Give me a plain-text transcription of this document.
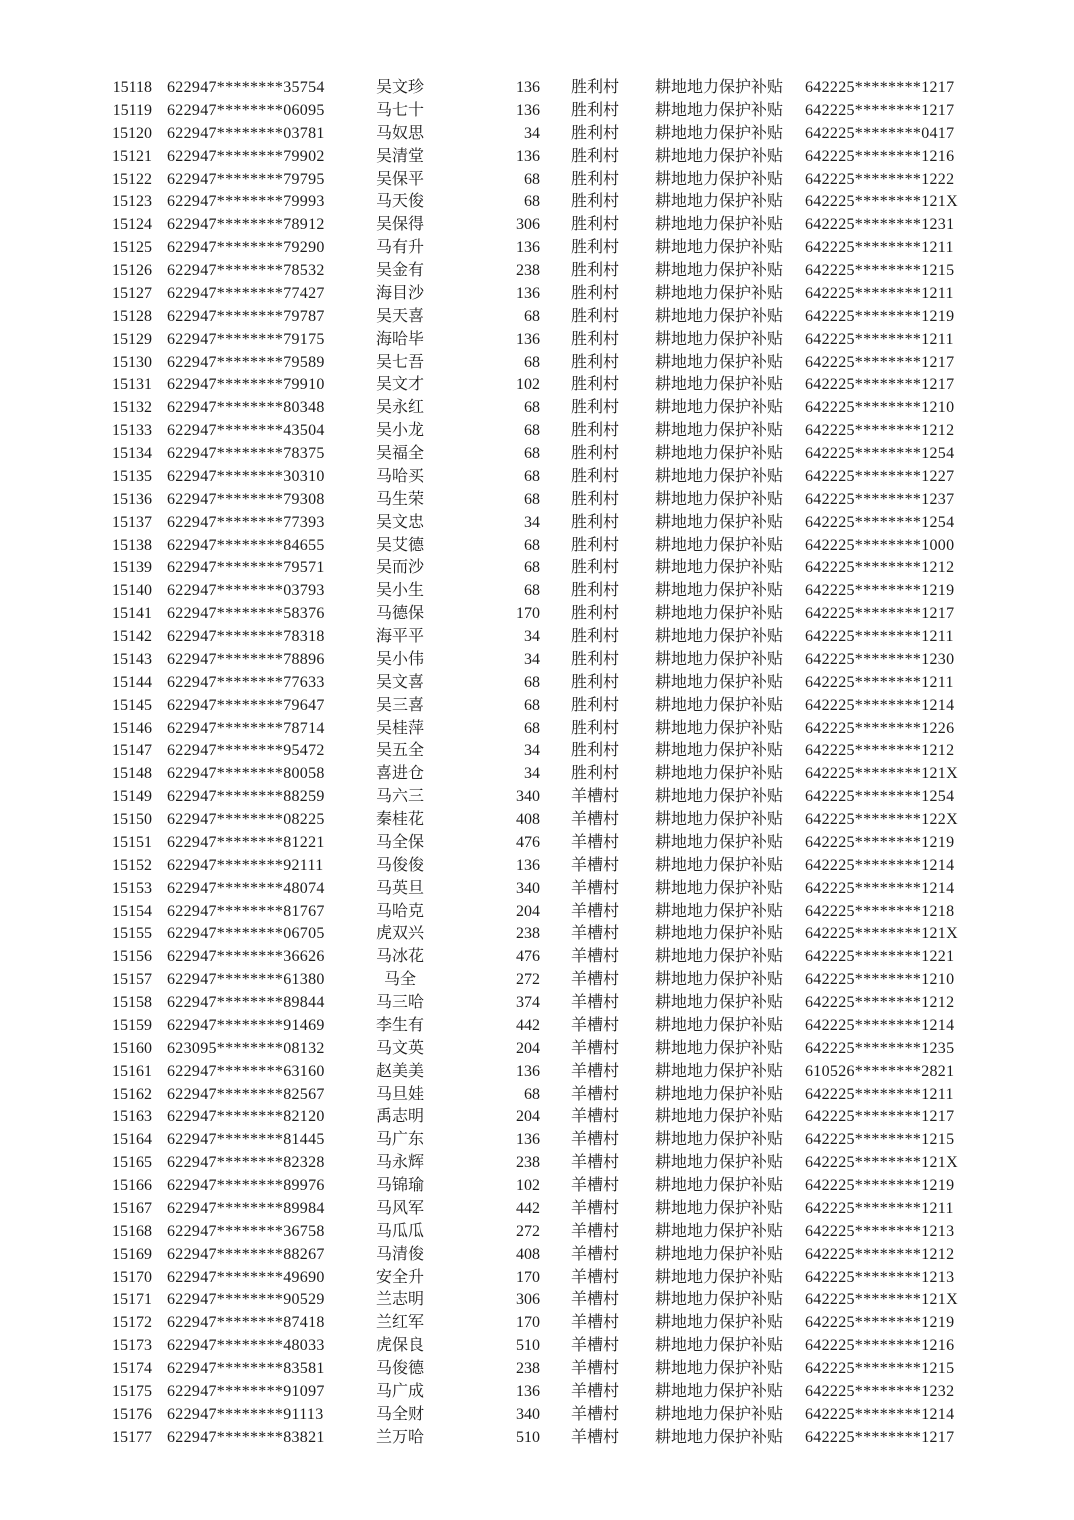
15118 622947********35754	吴文珍	136	胜利村	耕地地力保护补贴	642225********1217
15119 622947********06095	马七十	136	胜利村	耕地地力保护补贴	642225********1217
15120 622947********03781	马奴思	34	胜利村	耕地地力保护补贴	642225********0417
15121 622947********79902	吴清堂	136	胜利村	耕地地力保护补贴	642225********1216
15122 622947********79795	吴保平	68	胜利村	耕地地力保护补贴	642225********1222
15123 622947********79993	马天俊	68	胜利村	耕地地力保护补贴	642225********121X
15124 622947********78912	吴保得	306	胜利村	耕地地力保护补贴	642225********1231
15125 622947********79290	马有升	136	胜利村	耕地地力保护补贴	642225********1211
15126 622947********78532	吴金有	238	胜利村	耕地地力保护补贴	642225********1215
15127 622947********77427	海目沙	136	胜利村	耕地地力保护补贴	642225********1211
15128 622947********79787	吴天喜	68	胜利村	耕地地力保护补贴	642225********1219
15129 622947********79175	海哈毕	136	胜利村	耕地地力保护补贴	642225********1211
15130 622947********79589	吴七吾	68	胜利村	耕地地力保护补贴	642225********1217
15131 622947********79910	吴文才	102	胜利村	耕地地力保护补贴	642225********1217
15132 622947********80348	吴永红	68	胜利村	耕地地力保护补贴	642225********1210
15133 622947********43504	吴小龙	68	胜利村	耕地地力保护补贴	642225********1212
15134 622947********78375	吴福全	68	胜利村	耕地地力保护补贴	642225********1254
15135 622947********30310	马哈买	68	胜利村	耕地地力保护补贴	642225********1227
15136 622947********79308	马生荣	68	胜利村	耕地地力保护补贴	642225********1237
15137 622947********77393	吴文忠	34	胜利村	耕地地力保护补贴	642225********1254
15138 622947********84655	吴艾德	68	胜利村	耕地地力保护补贴	642225********1000
15139 622947********79571	吴而沙	68	胜利村	耕地地力保护补贴	642225********1212
15140 622947********03793	吴小生	68	胜利村	耕地地力保护补贴	642225********1219
15141 622947********58376	马德保	170	胜利村	耕地地力保护补贴	642225********1217
15142 622947********78318	海平平	34	胜利村	耕地地力保护补贴	642225********1211
15143 622947********78896	吴小伟	34	胜利村	耕地地力保护补贴	642225********1230
15144 622947********77633	吴文喜	68	胜利村	耕地地力保护补贴	642225********1211
15145 622947********79647	吴三喜	68	胜利村	耕地地力保护补贴	642225********1214
15146 622947********78714	吴桂萍	68	胜利村	耕地地力保护补贴	642225********1226
15147 622947********95472	吴五全	34	胜利村	耕地地力保护补贴	642225********1212
15148 622947********80058	喜进仓	34	胜利村	耕地地力保护补贴	642225********121X
15149 622947********88259	马六三	340	羊槽村	耕地地力保护补贴	642225********1254
15150 622947********08225	秦桂花	408	羊槽村	耕地地力保护补贴	642225********122X
15151 622947********81221	马全保	476	羊槽村	耕地地力保护补贴	642225********1219
15152 622947********92111	马俊俊	136	羊槽村	耕地地力保护补贴	642225********1214
15153 622947********48074	马英旦	340	羊槽村	耕地地力保护补贴	642225********1214
15154 622947********81767	马哈克	204	羊槽村	耕地地力保护补贴	642225********1218
15155 622947********06705	虎双兴	238	羊槽村	耕地地力保护补贴	642225********121X
15156 622947********36626	马冰花	476	羊槽村	耕地地力保护补贴	642225********1221
15157 622947********61380	马全	272	羊槽村	耕地地力保护补贴	642225********1210
15158 622947********89844	马三哈	374	羊槽村	耕地地力保护补贴	642225********1212
15159 622947********91469	李生有	442	羊槽村	耕地地力保护补贴	642225********1214
15160 623095********08132	马文英	204	羊槽村	耕地地力保护补贴	642225********1235
15161 622947********63160	赵美美	136	羊槽村	耕地地力保护补贴	610526********2821
15162 622947********82567	马旦娃	68	羊槽村	耕地地力保护补贴	642225********1211
15163 622947********82120	禹志明	204	羊槽村	耕地地力保护补贴	642225********1217
15164 622947********81445	马广东	136	羊槽村	耕地地力保护补贴	642225********1215
15165 622947********82328	马永辉	238	羊槽村	耕地地力保护补贴	642225********121X
15166 622947********89976	马锦瑜	102	羊槽村	耕地地力保护补贴	642225********1219
15167 622947********89984	马风军	442	羊槽村	耕地地力保护补贴	642225********1211
15168 622947********36758	马瓜瓜	272	羊槽村	耕地地力保护补贴	642225********1213
15169 622947********88267	马清俊	408	羊槽村	耕地地力保护补贴	642225********1212
15170 622947********49690	安全升	170	羊槽村	耕地地力保护补贴	642225********1213
15171 622947********90529	兰志明	306	羊槽村	耕地地力保护补贴	642225********121X
15172 622947********87418	兰红军	170	羊槽村	耕地地力保护补贴	642225********1219
15173 622947********48033	虎保良	510	羊槽村	耕地地力保护补贴	642225********1216
15174 622947********83581	马俊德	238	羊槽村	耕地地力保护补贴	642225********1215
15175 622947********91097	马广成	136	羊槽村	耕地地力保护补贴	642225********1232
15176 622947********91113	马全财	340	羊槽村	耕地地力保护补贴	642225********1214
15177 622947********83821	兰万哈	510	羊槽村	耕地地力保护补贴	642225********1217
